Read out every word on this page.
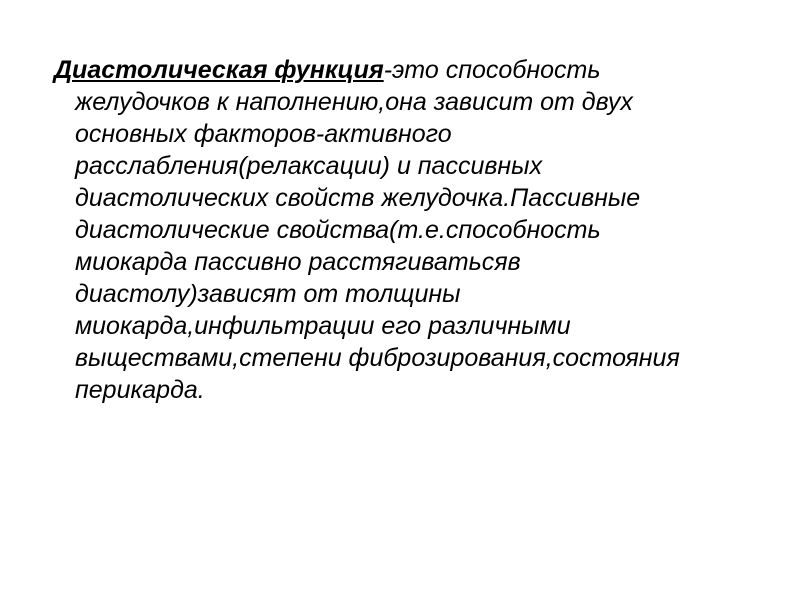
Диастолическая функция-это способность
желудочков к наполнению,она зависит от двух
основных факторов-активного
расслабления(релаксации) и пассивных
диастолических свойств желудочка.Пассивные
диастолические свойства(т.е.способность
миокарда пассивно расстягиватьсяв
диастолу)зависят от толщины
миокарда,инфильтрации его различными
выществами,степени фиброзирования,состояния
перикарда.
